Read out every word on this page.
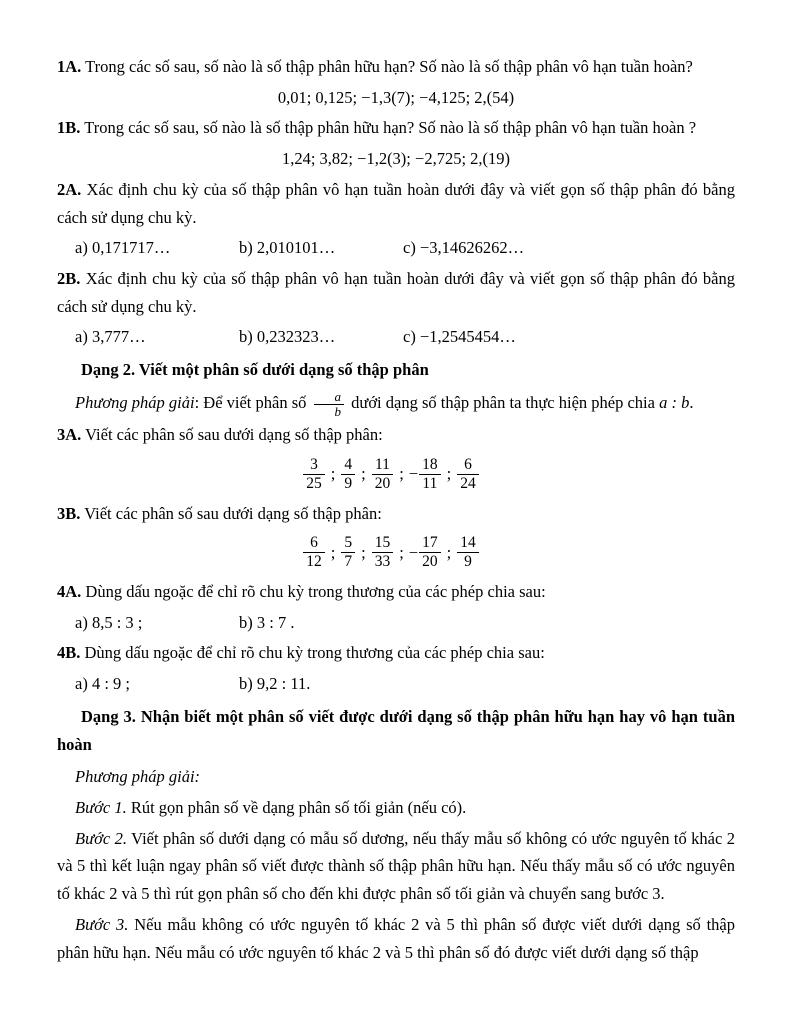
1A. Trong các số sau, số nào là số thập phân hữu hạn? Số nào là số thập phân vô hạn tuần hoàn?

0,01; 0,125; −1,3(7); −4,125; 2,(54)

1B. Trong các số sau, số nào là số thập phân hữu hạn? Số nào là số thập phân vô hạn tuần hoàn ?

1,24; 3,82; −1,2(3); −2,725; 2,(19)

2A. Xác định chu kỳ của số thập phân vô hạn tuần hoàn dưới đây và viết gọn số thập phân đó bằng cách sử dụng chu kỳ.

a) 0,171717…	b) 2,010101…	c) −3,14626262…

2B. Xác định chu kỳ của số thập phân vô hạn tuần hoàn dưới đây và viết gọn số thập phân đó bằng cách sử dụng chu kỳ.

a) 3,777…	b) 0,232323…	c) −1,2545454…

Dạng 2. Viết một phân số dưới dạng số thập phân

Phương pháp giải: Để viết phân số $\frac{a}{b}$ dưới dạng số thập phân ta thực hiện phép chia a : b.

3A. Viết các phân số sau dưới dạng số thập phân:

$\frac{3}{25}$ ; $\frac{4}{9}$ ; $\frac{11}{20}$ ; − $\frac{18}{11}$ ; $\frac{6}{24}$

3B. Viết các phân số sau dưới dạng số thập phân:

$\frac{6}{12}$ ; $\frac{5}{7}$ ; $\frac{15}{33}$ ; − $\frac{17}{20}$ ; $\frac{14}{9}$

4A. Dùng dấu ngoặc để chỉ rõ chu kỳ trong thương của các phép chia sau:

a) 8,5 : 3 ;	b) 3 : 7 .

4B. Dùng dấu ngoặc để chỉ rõ chu kỳ trong thương của các phép chia sau:

a) 4 : 9 ;	b) 9,2 : 11.

Dạng 3. Nhận biết một phân số viết được dưới dạng số thập phân hữu hạn hay vô hạn tuần hoàn

Phương pháp giải:

Bước 1. Rút gọn phân số về dạng phân số tối giản (nếu có).

Bước 2. Viết phân số dưới dạng có mẫu số dương, nếu thấy mẫu số không có ước nguyên tố khác 2 và 5 thì kết luận ngay phân số viết được thành số thập phân hữu hạn. Nếu thấy mẫu số có ước nguyên tố khác 2 và 5 thì rút gọn phân số cho đến khi được phân số tối giản và chuyển sang bước 3.

Bước 3. Nếu mẫu không có ước nguyên tố khác 2 và 5 thì phân số được viết dưới dạng số thập phân hữu hạn. Nếu mẫu có ước nguyên tố khác 2 và 5 thì phân số đó được viết dưới dạng số thập
